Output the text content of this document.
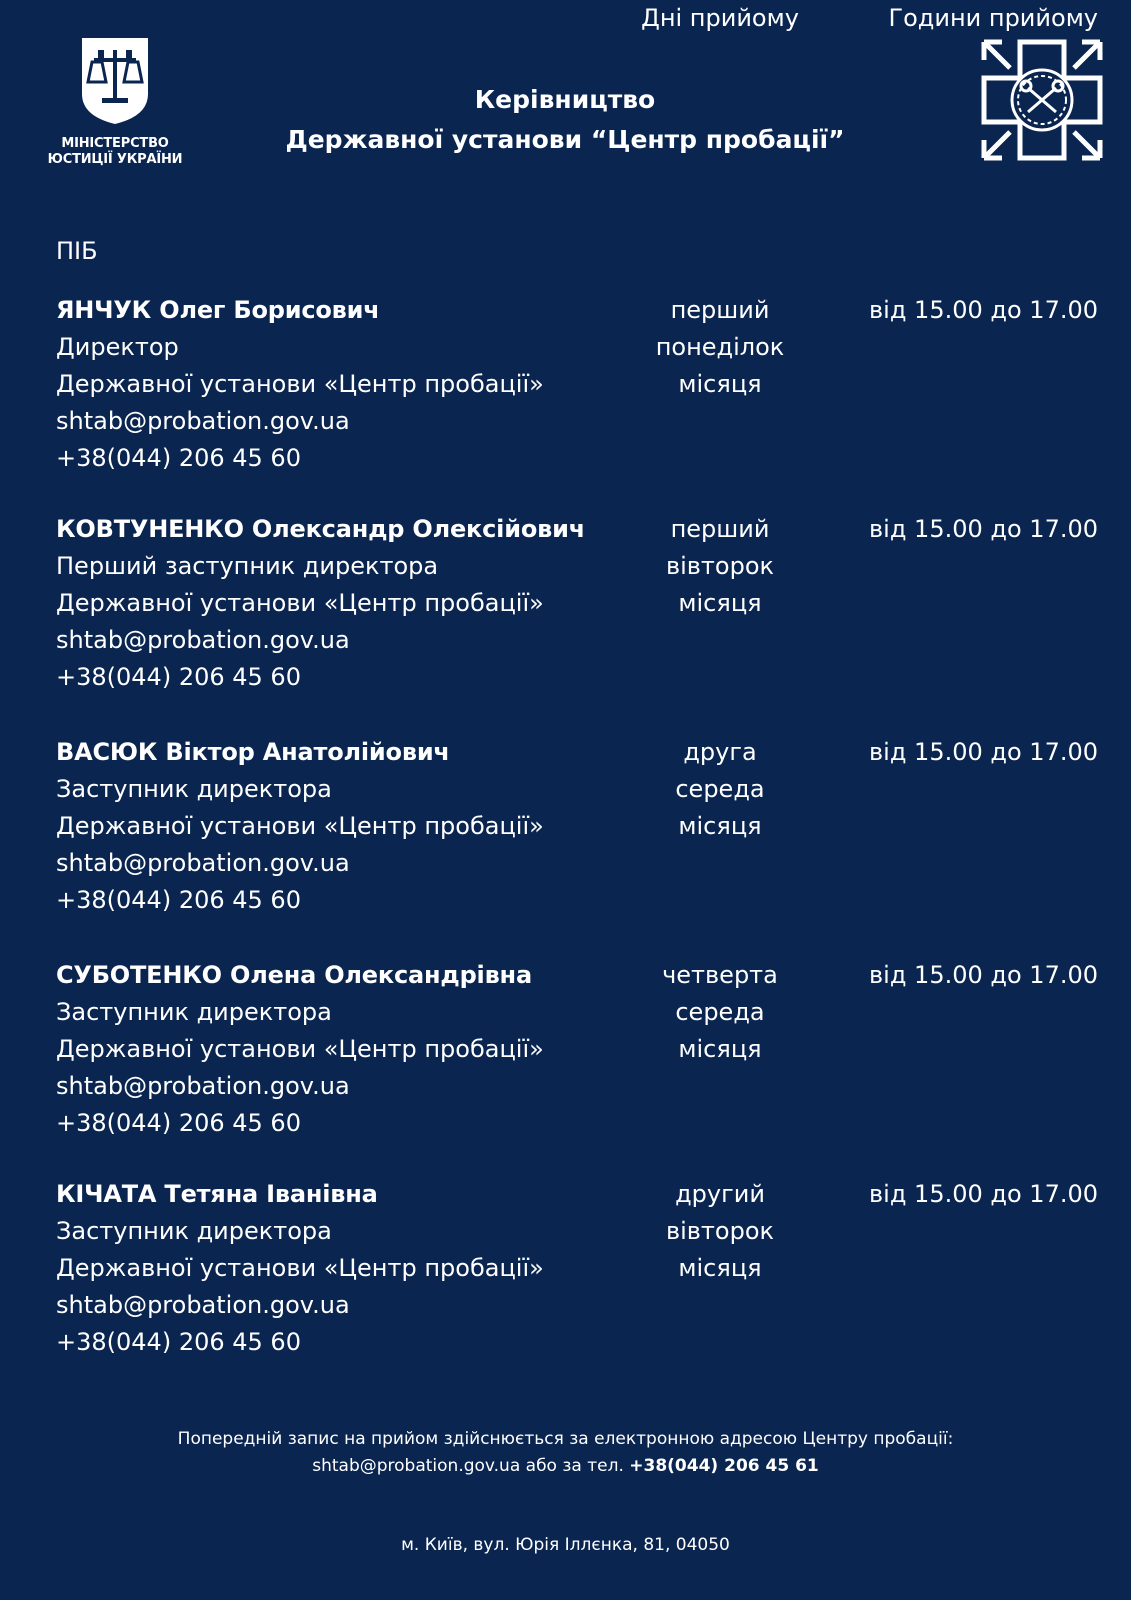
МІНІСТЕРСТВО
ЮСТИЦІЇ УКРАЇНИ
Керівництво
Державної установи “Центр пробації”
ПІБ
Дні прийому	Години прийому
ЯНЧУК Олег Борисович
Директор
Державної установи «Центр пробації»
shtab@probation.gov.ua
+38(044) 206 45 60
перший
понеділок
місяця
від 15.00 до 17.00
КОВТУНЕНКО Олександр Олексійович
Перший заступник директора
Державної установи «Центр пробації»
shtab@probation.gov.ua
+38(044) 206 45 60
перший
вівторок
місяця
від 15.00 до 17.00
ВАСЮК Віктор Анатолійович
Заступник директора
Державної установи «Центр пробації»
shtab@probation.gov.ua
+38(044) 206 45 60
друга
середа
місяця
від 15.00 до 17.00
СУБОТЕНКО Олена Олександрівна
Заступник директора
Державної установи «Центр пробації»
shtab@probation.gov.ua
+38(044) 206 45 60
четверта
середа
місяця
від 15.00 до 17.00
КІЧАТА Тетяна Іванівна
Заступник директора
Державної установи «Центр пробації»
shtab@probation.gov.ua
+38(044) 206 45 60
другий
вівторок
місяця
від 15.00 до 17.00
Попередній запис на прийом здійснюється за електронною адресою Центру пробації:
shtab@probation.gov.ua або за тел. +38(044) 206 45 61
м. Київ, вул. Юрія Іллєнка, 81, 04050
